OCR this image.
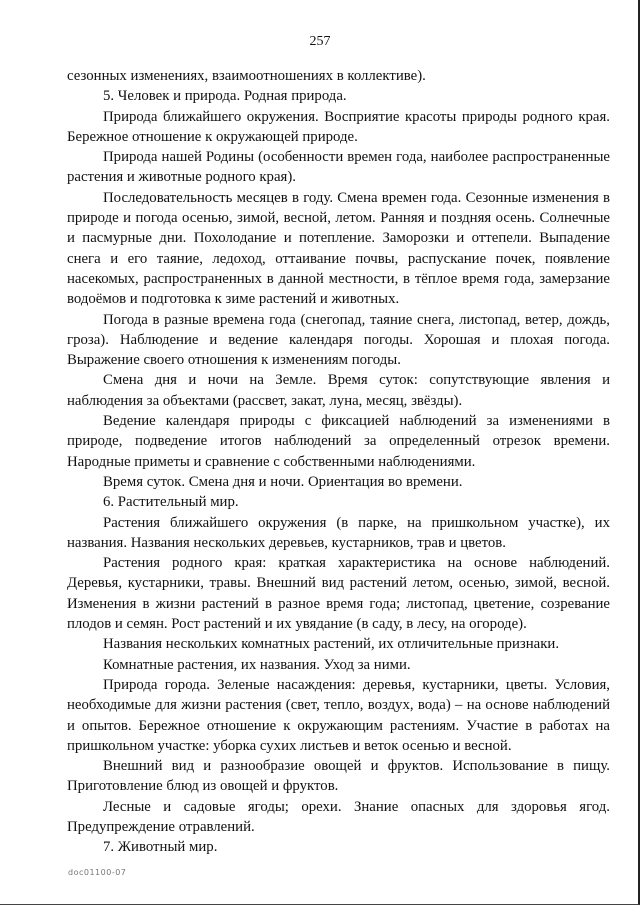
257

сезонных изменениях, взаимоотношениях в коллективе).

5. Человек и природа. Родная природа.

Природа ближайшего окружения. Восприятие красоты природы родного края. Бережное отношение к окружающей природе.

Природа нашей Родины (особенности времен года, наиболее распространенные растения и животные родного края).

Последовательность месяцев в году. Смена времен года. Сезонные изменения в природе и погода осенью, зимой, весной, летом. Ранняя и поздняя осень. Солнечные и пасмурные дни. Похолодание и потепление. Заморозки и оттепели. Выпадение снега и его таяние, ледоход, оттаивание почвы, распускание почек, появление насекомых, распространенных в данной местности, в тёплое время года, замерзание водоёмов и подготовка к зиме растений и животных.

Погода в разные времена года (снегопад, таяние снега, листопад, ветер, дождь, гроза). Наблюдение и ведение календаря погоды. Хорошая и плохая погода. Выражение своего отношения к изменениям погоды.

Смена дня и ночи на Земле. Время суток: сопутствующие явления и наблюдения за объектами (рассвет, закат, луна, месяц, звёзды).

Ведение календаря природы с фиксацией наблюдений за изменениями в природе, подведение итогов наблюдений за определенный отрезок времени. Народные приметы и сравнение с собственными наблюдениями.

Время суток. Смена дня и ночи. Ориентация во времени.

6. Растительный мир.

Растения ближайшего окружения (в парке, на пришкольном участке), их названия. Названия нескольких деревьев, кустарников, трав и цветов.

Растения родного края: краткая характеристика на основе наблюдений. Деревья, кустарники, травы. Внешний вид растений летом, осенью, зимой, весной. Изменения в жизни растений в разное время года; листопад, цветение, созревание плодов и семян. Рост растений и их увядание (в саду, в лесу, на огороде).

Названия нескольких комнатных растений, их отличительные признаки.

Комнатные растения, их названия. Уход за ними.

Природа города. Зеленые насаждения: деревья, кустарники, цветы. Условия, необходимые для жизни растения (свет, тепло, воздух, вода) – на основе наблюдений и опытов. Бережное отношение к окружающим растениям. Участие в работах на пришкольном участке: уборка сухих листьев и веток осенью и весной.

Внешний вид и разнообразие овощей и фруктов. Использование в пищу. Приготовление блюд из овощей и фруктов.

Лесные и садовые ягоды; орехи. Знание опасных для здоровья ягод. Предупреждение отравлений.

7. Животный мир.

doc01100-07
